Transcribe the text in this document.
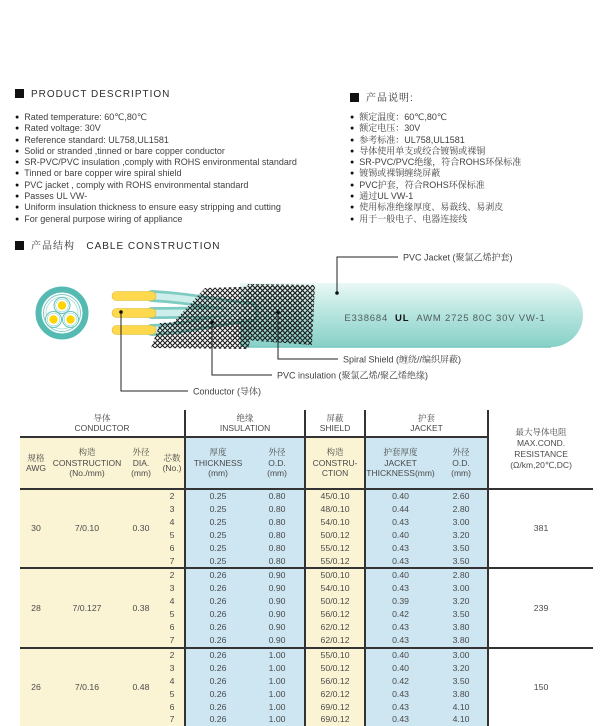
PRODUCT DESCRIPTION	产品说明:
● Rated temperature: 60℃,80℃
● Rated voltage: 30V
● Reference standard: UL758,UL1581
● Solid or stranded ,tinned or bare copper conductor
● SR-PVC/PVC insulation ,comply with ROHS environmental standard
● Tinned or bare copper wire spiral shield
● PVC jacket , comply with ROHS environmental standard
● Passes UL VW-
● Uniform insulation thickness to ensure easy stripping and cutting
● For general purpose wiring of appliance
● 额定温度：60℃,80℃
● 额定电压：30V
● 参考标准：UL758,UL1581
● 导体使用单支或绞合镀锡或裸铜
● SR-PVC/PVC绝缘，符合ROHS环保标准
● 镀锡或裸铜缠绕屏蔽
● PVC护套，符合ROHS环保标准
● 通过UL VW-1
● 使用标准绝缘厚度、易裁线、易剥皮
● 用于一般电子、电器连接线
产品结构 CABLE CONSTRUCTION
E338684 UL AWM 2725 80C 30V VW-1
PVC Jacket (聚氯乙烯护套)
Spiral Shield (缠绕//编织屏蔽)
PVC insulation (聚氯乙烯/聚乙烯绝缘)
Conductor (导体)
导体
CONDUCTOR

绝缘
INSULATION

屏蔽
SHIELD

护套
JACKET	最大导体电阻
MAX.COND.
RESISTANCE
(Ω/km,20℃,DC)

规格
AWG

构造
CONSTRUCTION
(No./mm)

外径
DIA.
(mm)

芯数
(No.)

厚度
THICKNESS
(mm)

外径
O.D.
(mm)

构造
CONSTRU-
CTION

护套厚度
JACKET
THICKNESS(mm)

外径
O.D.
(mm)

30	7/0.10	0.30	2	0.25	0.80	45/0.10	0.40	2.60	381
			3	0.25	0.80	48/0.10	0.44	2.80	
			4	0.25	0.80	54/0.10	0.43	3.00	
			5	0.25	0.80	50/0.12	0.40	3.20	
			6	0.25	0.80	55/0.12	0.43	3.50	
			7	0.25	0.80	55/0.12	0.43	3.50	
28	7/0.127	0.38	2	0.26	0.90	50/0.10	0.40	2.80	239
			3	0.26	0.90	54/0.10	0.43	3.00	
			4	0.26	0.90	50/0.12	0.39	3.20	
			5	0.26	0.90	56/0.12	0.42	3.50	
			6	0.26	0.90	62/0.12	0.43	3.80	
			7	0.26	0.90	62/0.12	0.43	3.80	
26	7/0.16	0.48	2	0.26	1.00	55/0.10	0.40	3.00	150
			3	0.26	1.00	50/0.12	0.40	3.20	
			4	0.26	1.00	56/0.12	0.42	3.50	
			5	0.26	1.00	62/0.12	0.43	3.80	
			6	0.26	1.00	69/0.12	0.43	4.10	
			7	0.26	1.00	69/0.12	0.43	4.10	
